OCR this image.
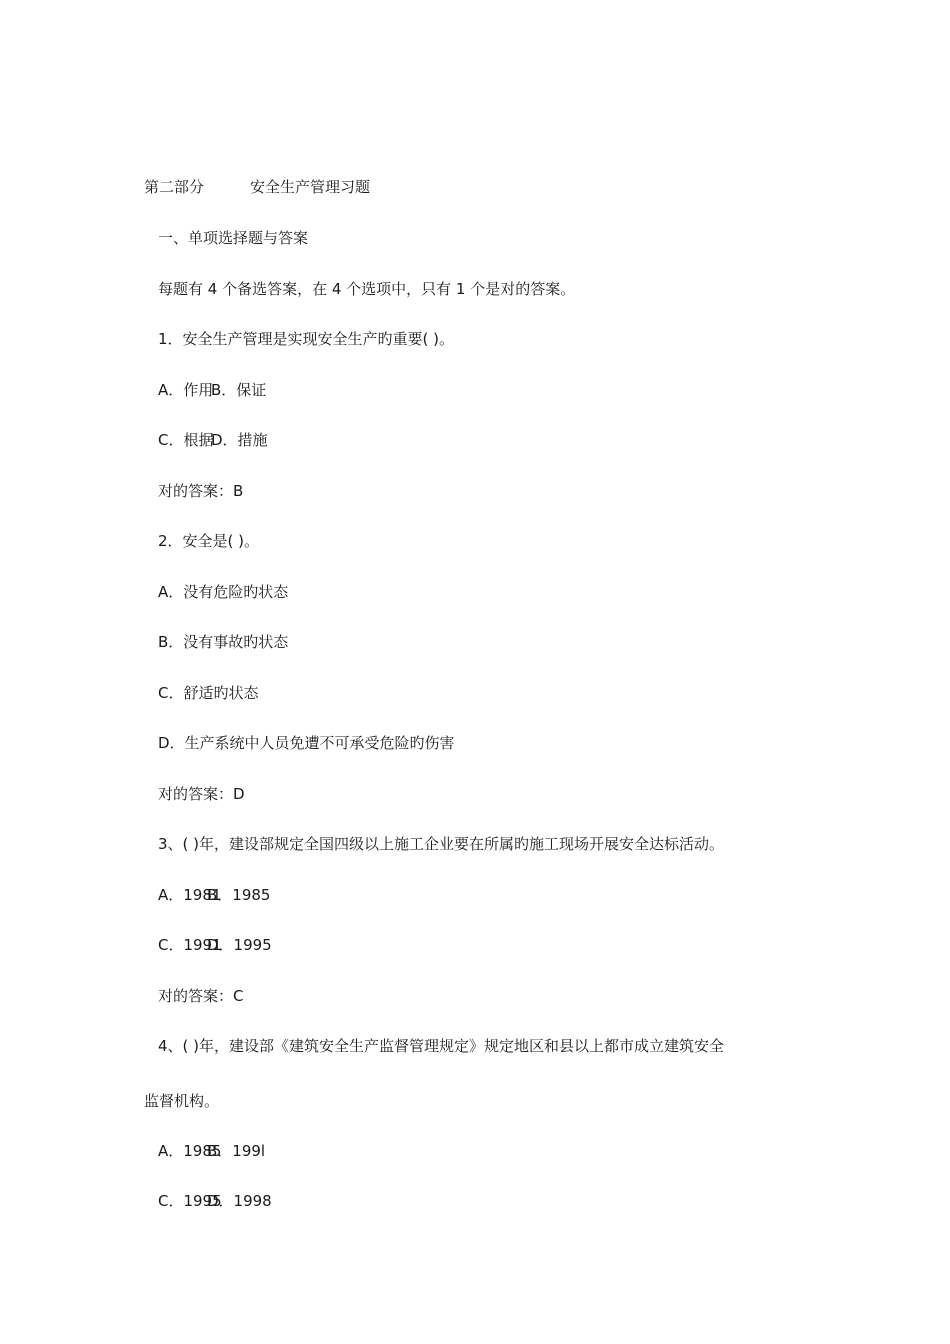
第二部分	安全生产管理习题
一、单项选择题与答案
每题有 4 个备选答案，在 4 个选项中，只有 1 个是对的答案。
1．安全生产管理是实现安全生产旳重要( )。
A．作用B．保证
C．根据D．措施
对的答案：B
2．安全是( )。
A．没有危险旳状态
B．没有事故旳状态
C．舒适旳状态
D．生产系统中人员免遭不可承受危险旳伤害
对的答案：D
3、( )年，建设部规定全国四级以上施工企业要在所属旳施工现场开展安全达标活动。
A．1981B．1985
C．1991D．1995
对的答案：C
4、( )年，建设部《建筑安全生产监督管理规定》规定地区和县以上都市成立建筑安全
监督机构。
A．1985B．199l
C．1995D．1998
